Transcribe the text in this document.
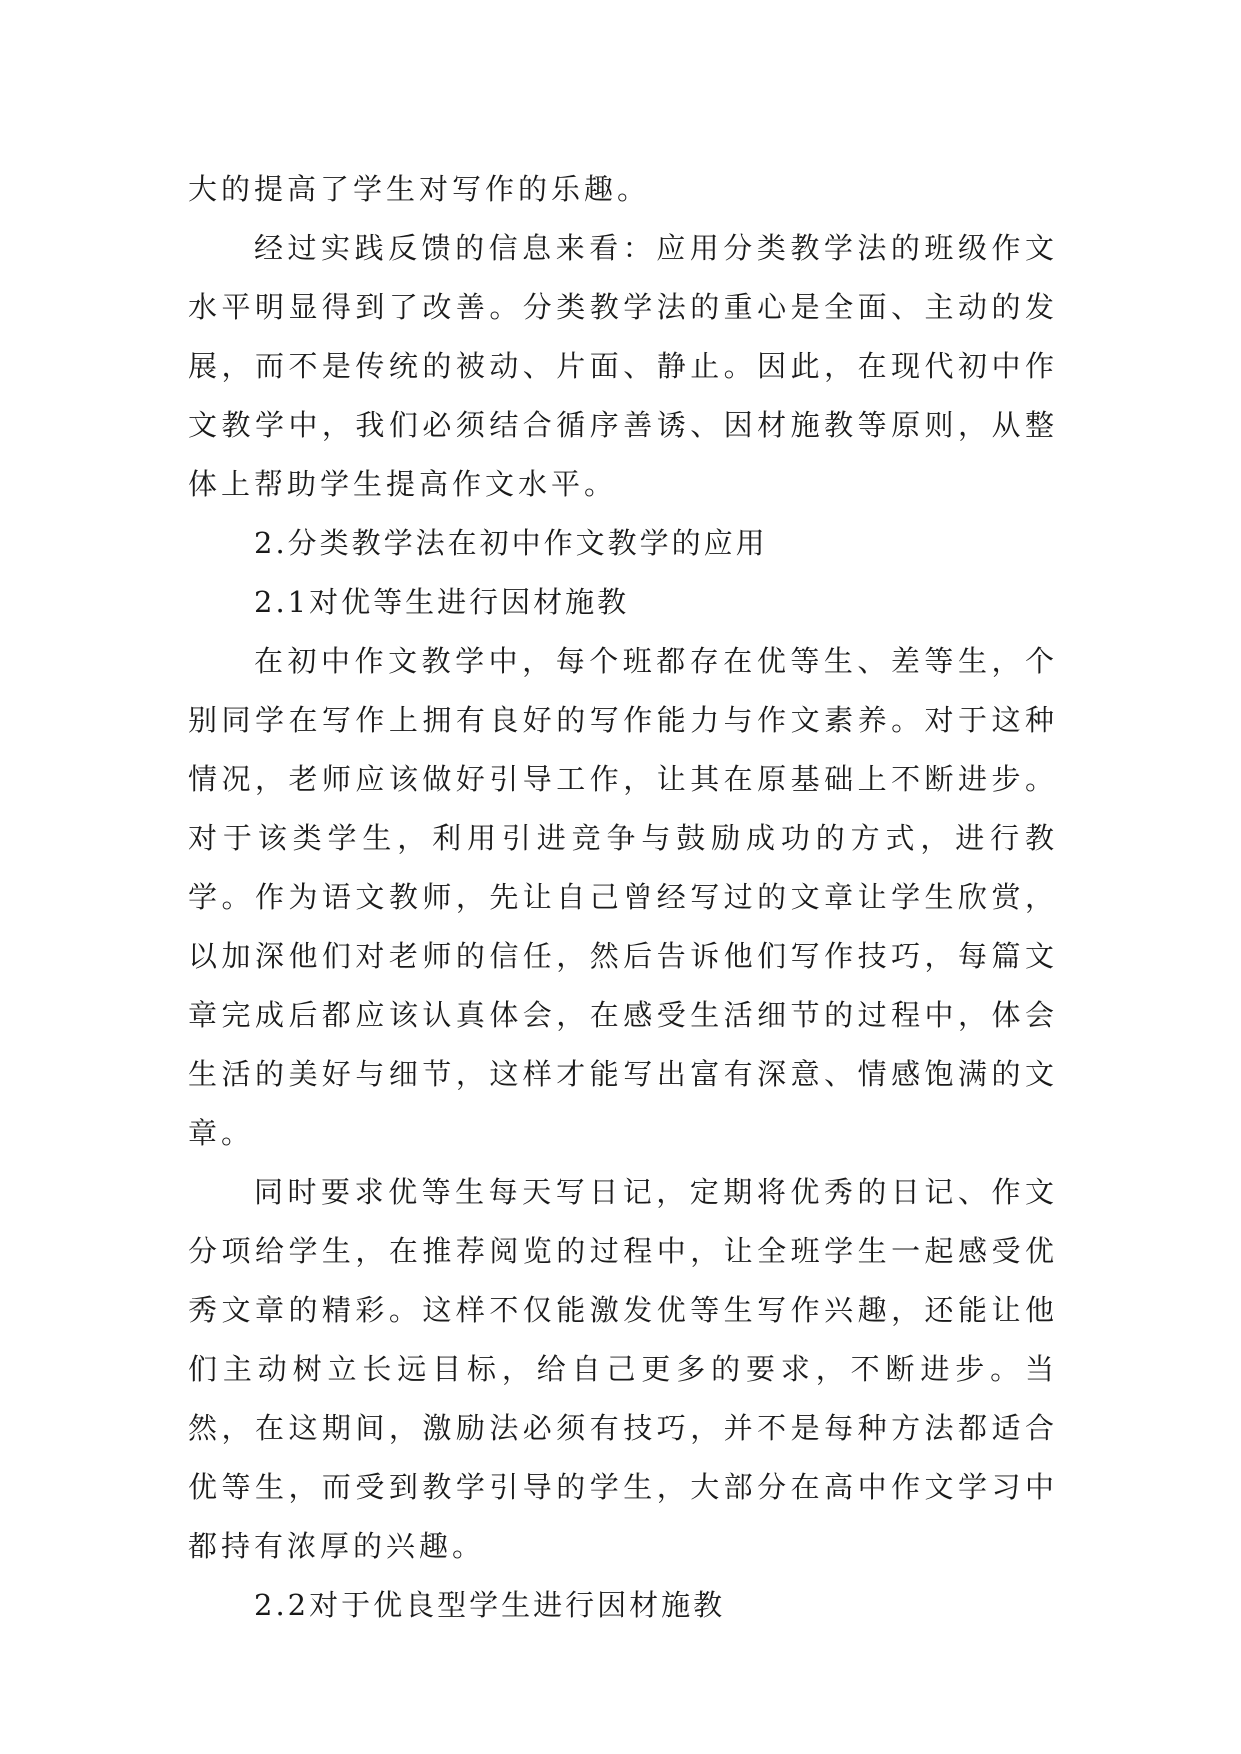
大的提高了学生对写作的乐趣。

经过实践反馈的信息来看：应用分类教学法的班级作文水平明显得到了改善。分类教学法的重心是全面、主动的发展，而不是传统的被动、片面、静止。因此，在现代初中作文教学中，我们必须结合循序善诱、因材施教等原则，从整体上帮助学生提高作文水平。

2.分类教学法在初中作文教学的应用

2.1对优等生进行因材施教

在初中作文教学中，每个班都存在优等生、差等生，个别同学在写作上拥有良好的写作能力与作文素养。对于这种情况，老师应该做好引导工作，让其在原基础上不断进步。对于该类学生，利用引进竞争与鼓励成功的方式，进行教学。作为语文教师，先让自己曾经写过的文章让学生欣赏，以加深他们对老师的信任，然后告诉他们写作技巧，每篇文章完成后都应该认真体会，在感受生活细节的过程中，体会生活的美好与细节，这样才能写出富有深意、情感饱满的文章。

同时要求优等生每天写日记，定期将优秀的日记、作文分项给学生，在推荐阅览的过程中，让全班学生一起感受优秀文章的精彩。这样不仅能激发优等生写作兴趣，还能让他们主动树立长远目标，给自己更多的要求，不断进步。当然，在这期间，激励法必须有技巧，并不是每种方法都适合优等生，而受到教学引导的学生，大部分在高中作文学习中都持有浓厚的兴趣。

2.2对于优良型学生进行因材施教
